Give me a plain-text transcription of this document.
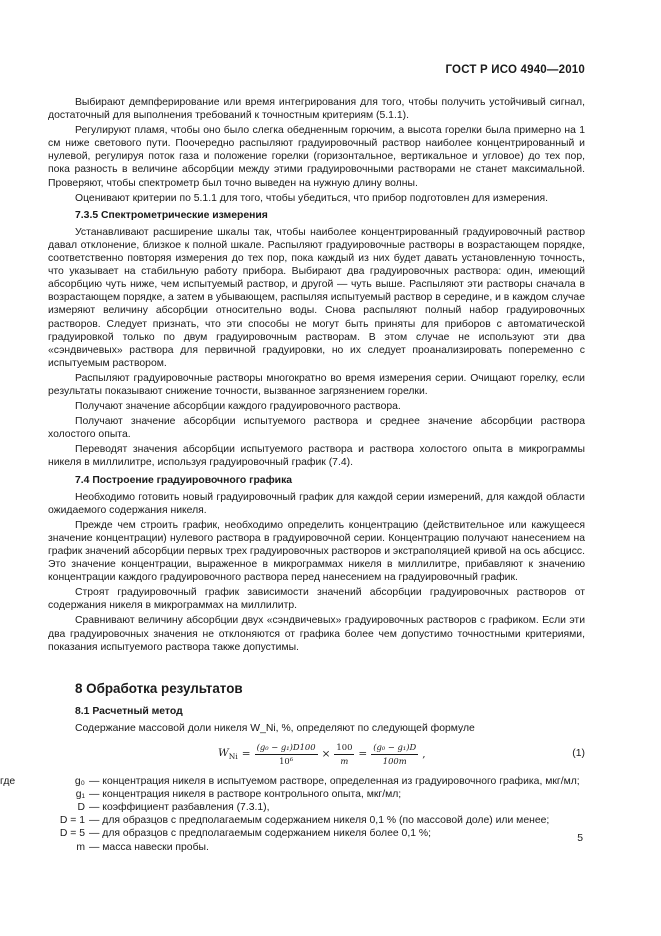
ГОСТ Р ИСО 4940—2010

Выбирают демпферирование или время интегрирования для того, чтобы получить устойчивый сигнал, достаточный для выполнения требований к точностным критериям (5.1.1).

Регулируют пламя, чтобы оно было слегка обедненным горючим, а высота горелки была примерно на 1 см ниже светового пути. Поочередно распыляют градуировочный раствор наиболее концентрированный и нулевой, регулируя поток газа и положение горелки (горизонтальное, вертикальное и угловое) до тех пор, пока разность в величине абсорбции между этими градуировочными растворами не станет максимальной. Проверяют, чтобы спектрометр был точно выведен на нужную длину волны.

Оценивают критерии по 5.1.1 для того, чтобы убедиться, что прибор подготовлен для измерения.

7.3.5 Спектрометрические измерения

Устанавливают расширение шкалы так, чтобы наиболее концентрированный градуировочный раствор давал отклонение, близкое к полной шкале. Распыляют градуировочные растворы в возрастающем порядке, соответственно повторяя измерения до тех пор, пока каждый из них будет давать установленную точность, что указывает на стабильную работу прибора. Выбирают два градуировочных раствора: один, имеющий абсорбцию чуть ниже, чем испытуемый раствор, и другой — чуть выше. Распыляют эти растворы сначала в возрастающем порядке, а затем в убывающем, распыляя испытуемый раствор в середине, и в каждом случае измеряют величину абсорбции относительно воды. Снова распыляют полный набор градуировочных растворов. Следует признать, что эти способы не могут быть приняты для приборов с автоматической градуировкой только по двум градуировочным растворам. В этом случае не используют эти два «сэндвичевых» раствора для первичной градуировки, но их следует проанализировать попеременно с испытуемым раствором.

Распыляют градуировочные растворы многократно во время измерения серии. Очищают горелку, если результаты показывают снижение точности, вызванное загрязнением горелки.

Получают значение абсорбции каждого градуировочного раствора.

Получают значение абсорбции испытуемого раствора и среднее значение абсорбции раствора холостого опыта.

Переводят значения абсорбции испытуемого раствора и раствора холостого опыта в микрограммы никеля в миллилитре, используя градуировочный график (7.4).

7.4 Построение градуировочного графика

Необходимо готовить новый градуировочный график для каждой серии измерений, для каждой области ожидаемого содержания никеля.

Прежде чем строить график, необходимо определить концентрацию (действительное или кажущееся значение концентрации) нулевого раствора в градуировочной серии. Концентрацию получают нанесением на график значений абсорбции первых трех градуировочных растворов и экстраполяцией кривой на ось абсцисс. Это значение концентрации, выраженное в микрограммах никеля в миллилитре, прибавляют к значению концентрации каждого градуировочного раствора перед нанесением на градуировочный график.

Строят градуировочный график зависимости значений абсорбции градуировочных растворов от содержания никеля в микрограммах на миллилитр.

Сравнивают величину абсорбции двух «сэндвичевых» градуировочных растворов с графиком. Если эти два градуировочных значения не отклоняются от графика более чем допустимо точностными критериями, показания испытуемого раствора также допустимы.

8 Обработка результатов
8.1 Расчетный метод

Содержание массовой доли никеля W_Ni, %, определяют по следующей формуле

$W_{Ni} = \frac{\text{(g₀ − g₁)D100}}{\text{10⁶}} \times \frac{100}{m} = \frac{\text{(g₀ − g₁)D}}{100m}$ ,	(1)
где	g₀ — концентрация никеля в испытуемом растворе, определенная из градуировочного графика, мкг/мл;
g₁ — концентрация никеля в растворе контрольного опыта, мкг/мл;
D — коэффициент разбавления (7.3.1),
D = 1 — для образцов с предполагаемым содержанием никеля 0,1 % (по массовой доле) или менее;
D = 5 — для образцов с предполагаемым содержанием никеля более 0,1 %;
m — масса навески пробы.
5
